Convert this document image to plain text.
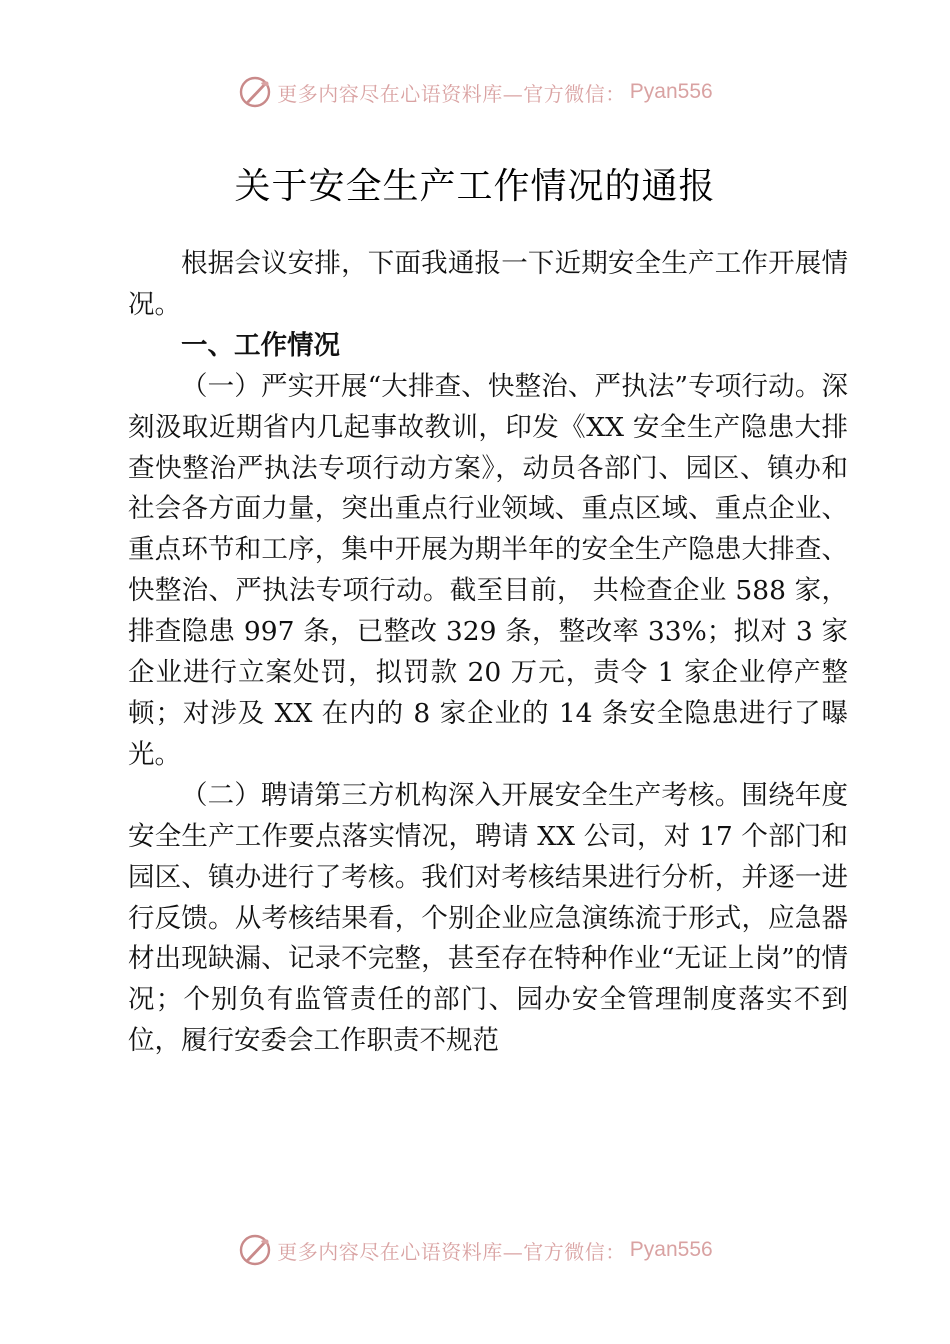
更多内容尽在心语资料库—官方微信： Pyan556
关于安全生产工作情况的通报

根据会议安排，下面我通报一下近期安全生产工作开展情况。

一、工作情况

（一）严实开展“大排查、快整治、严执法”专项行动。深刻汲取近期省内几起事故教训，印发《XX 安全生产隐患大排查快整治严执法专项行动方案》，动员各部门、园区、镇办和社会各方面力量，突出重点行业领域、重点区域、重点企业、重点环节和工序，集中开展为期半年的安全生产隐患大排查、快整治、严执法专项行动。截至目前， 共检查企业 588 家，排查隐患 997 条，已整改 329 条，整改率 33%；拟对 3 家企业进行立案处罚，拟罚款 20 万元，责令 1 家企业停产整顿；对涉及 XX 在内的 8 家企业的 14 条安全隐患进行了曝光。

（二）聘请第三方机构深入开展安全生产考核。围绕年度安全生产工作要点落实情况，聘请 XX 公司，对 17 个部门和园区、镇办进行了考核。我们对考核结果进行分析，并逐一进行反馈。从考核结果看，个别企业应急演练流于形式，应急器材出现缺漏、记录不完整，甚至存在特种作业“无证上岗”的情况；个别负有监管责任的部门、园办安全管理制度落实不到位，履行安委会工作职责不规范

更多内容尽在心语资料库—官方微信： Pyan556
